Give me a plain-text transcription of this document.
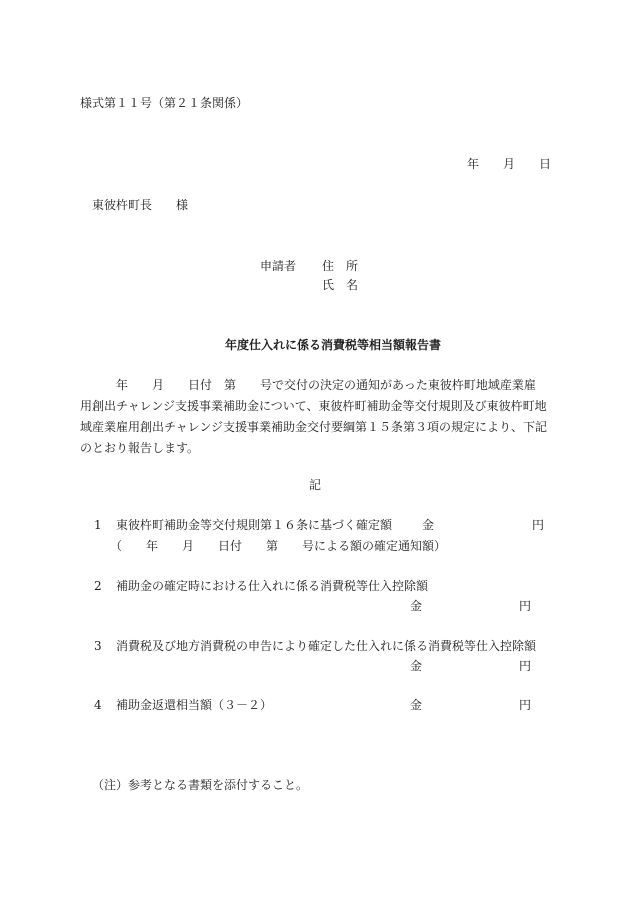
様式第１１号（第２１条関係）
年 月 日
東彼杵町長　　様
申請者 住　所
氏　名
年度仕入れに係る消費税等相当額報告書
　　　年　　月　　日付　第　　号で交付の決定の通知があった東彼杵町地域産業雇
用創出チャレンジ支援事業補助金について、東彼杵町補助金等交付規則及び東彼杵町地
域産業雇用創出チャレンジ支援事業補助金交付要綱第１５条第３項の規定により、下記
のとおり報告します。
記
1 東彼杵町補助金等交付規則第１６条に基づく確定額 金	円
（　　年　　月　　日付　　第　　号による額の確定通知額）
2 補助金の確定時における仕入れに係る消費税等仕入控除額
金	円
3 消費税及び地方消費税の申告により確定した仕入れに係る消費税等仕入控除額
金	円
4 補助金返還相当額（３－２）	金	円
（注）参考となる書類を添付すること。
